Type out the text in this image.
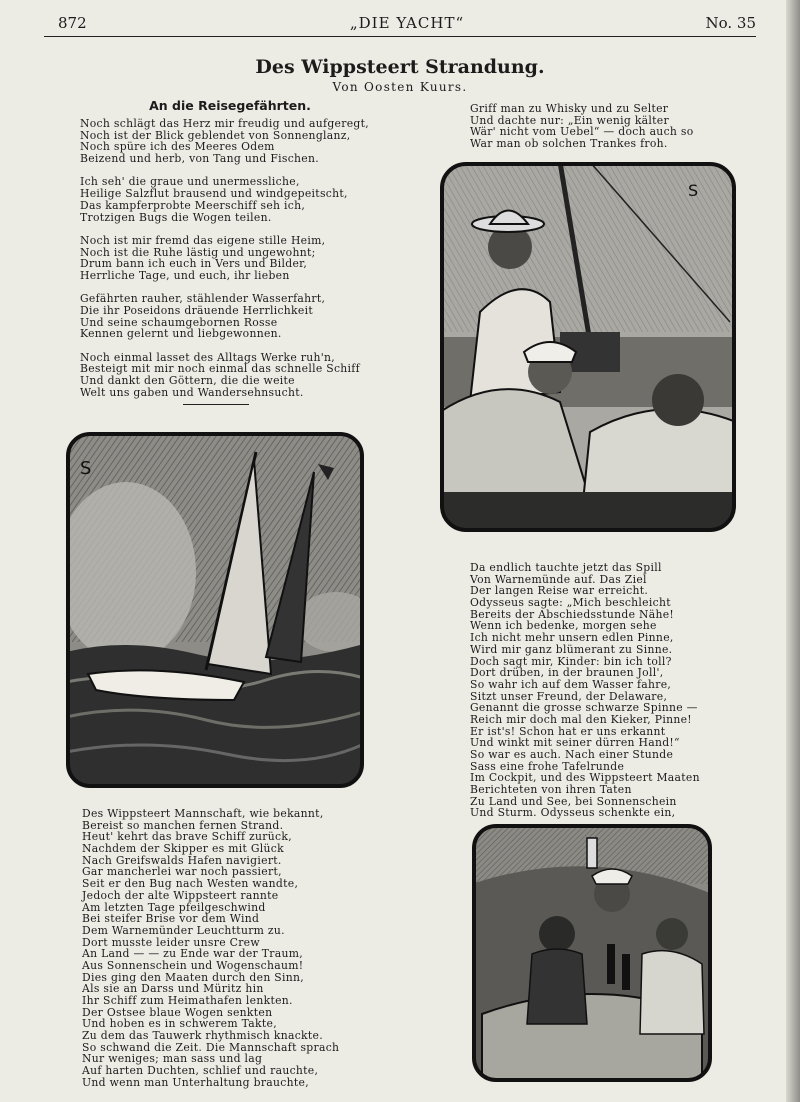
„DIE YACHT“
872	No. 35
Des Wippsteert Strandung.
Von Oosten Kuurs.
An die Reisegefährten.
Noch schlägt das Herz mir freudig und aufgeregt,
Noch ist der Blick geblendet von Sonnenglanz,
Noch spüre ich des Meeres Odem
Beizend und herb, von Tang und Fischen.
Ich seh' die graue und unermessliche,
Heilige Salzflut brausend und windgepeitscht,
Das kampferprobte Meerschiff seh ich,
Trotzigen Bugs die Wogen teilen.
Noch ist mir fremd das eigene stille Heim,
Noch ist die Ruhe lästig und ungewohnt;
Drum bann ich euch in Vers und Bilder,
Herrliche Tage, und euch, ihr lieben
Gefährten rauher, stählender Wasserfahrt,
Die ihr Poseidons dräuende Herrlichkeit
Und seine schaumgebornen Rosse
Kennen gelernt und liebgewonnen.
Noch einmal lasset des Alltags Werke ruh'n,
Besteigt mit mir noch einmal das schnelle Schiff
Und dankt den Göttern, die die weite
Welt uns gaben und Wandersehnsucht.
Griff man zu Whisky und zu Selter
Und dachte nur: „Ein wenig kälter
Wär' nicht vom Uebel“ — doch auch so
War man ob solchen Trankes froh.
Des Wippsteert Mannschaft, wie bekannt,
Bereist so manchen fernen Strand.
Heut' kehrt das brave Schiff zurück,
Nachdem der Skipper es mit Glück
Nach Greifswalds Hafen navigiert.
Gar mancherlei war noch passiert,
Seit er den Bug nach Westen wandte,
Jedoch der alte Wippsteert rannte
Am letzten Tage pfeilgeschwind
Bei steifer Brise vor dem Wind
Dem Warnemünder Leuchtturm zu.
Dort musste leider unsre Crew
An Land — — zu Ende war der Traum,
Aus Sonnenschein und Wogenschaum!
Dies ging den Maaten durch den Sinn,
Als sie an Darss und Müritz hin
Ihr Schiff zum Heimathafen lenkten.
Der Ostsee blaue Wogen senkten
Und hoben es in schwerem Takte,
Zu dem das Tauwerk rhythmisch knackte.
So schwand die Zeit. Die Mannschaft sprach
Nur weniges; man sass und lag
Auf harten Duchten, schlief und rauchte,
Und wenn man Unterhaltung brauchte,
Da endlich tauchte jetzt das Spill
Von Warnemünde auf. Das Ziel
Der langen Reise war erreicht.
Odysseus sagte: „Mich beschleicht
Bereits der Abschiedsstunde Nähe!
Wenn ich bedenke, morgen sehe
Ich nicht mehr unsern edlen Pinne,
Wird mir ganz blümerant zu Sinne.
Doch sagt mir, Kinder: bin ich toll?
Dort drüben, in der braunen Joll',
So wahr ich auf dem Wasser fahre,
Sitzt unser Freund, der Delaware,
Genannt die grosse schwarze Spinne —
Reich mir doch mal den Kieker, Pinne!
Er ist's! Schon hat er uns erkannt
Und winkt mit seiner dürren Hand!“
So war es auch. Nach einer Stunde
Sass eine frohe Tafelrunde
Im Cockpit, und des Wippsteert Maaten
Berichteten von ihren Taten
Zu Land und See, bei Sonnenschein
Und Sturm. Odysseus schenkte ein,
S
S
